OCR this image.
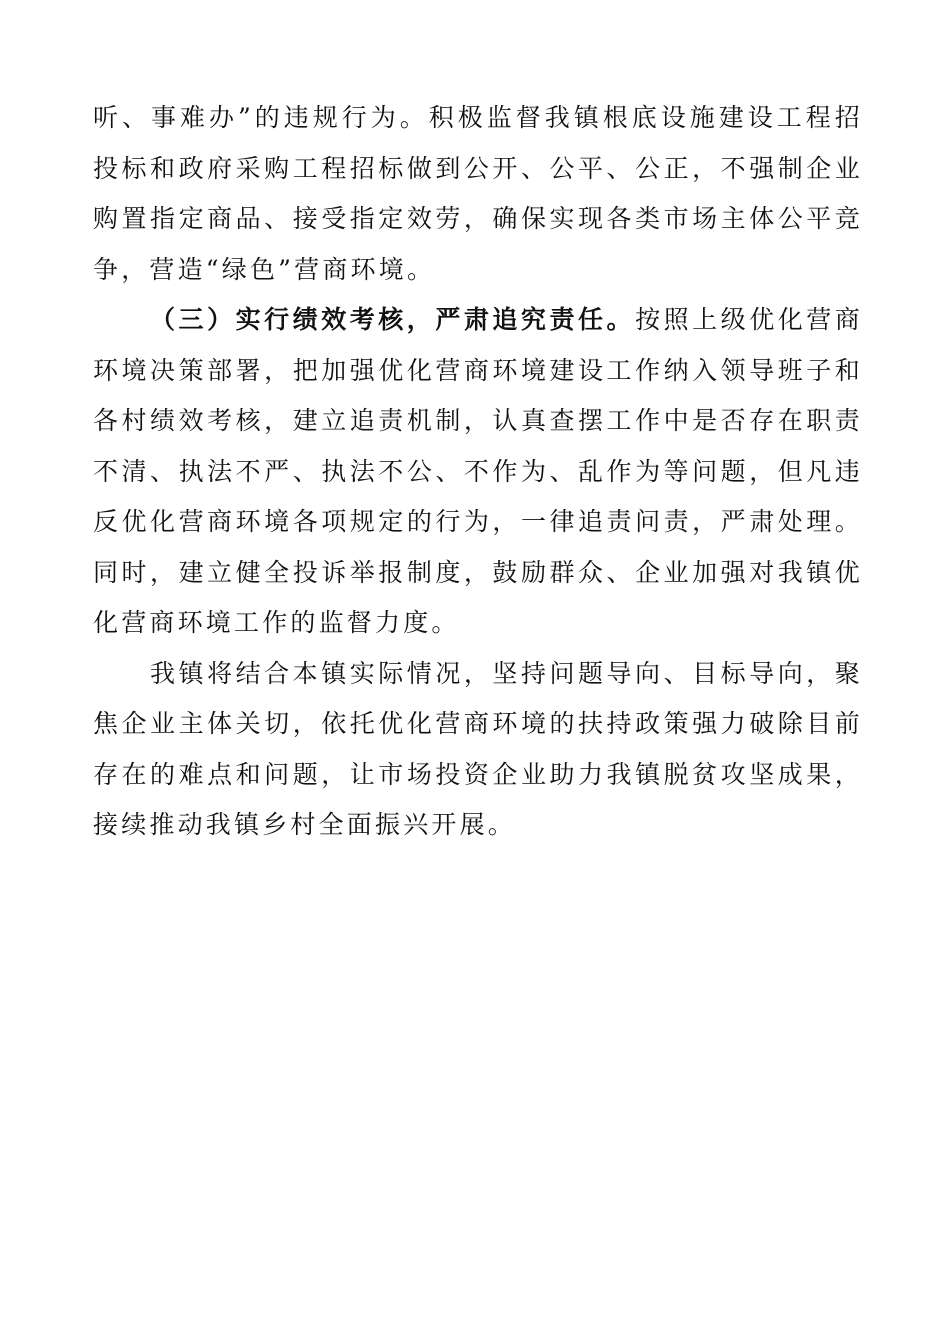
听、事难办”的违规行为。积极监督我镇根底设施建设工程招投标和政府采购工程招标做到公开、公平、公正，不强制企业购置指定商品、接受指定效劳，确保实现各类市场主体公平竞争，营造“绿色”营商环境。

（三）实行绩效考核，严肃追究责任。按照上级优化营商环境决策部署，把加强优化营商环境建设工作纳入领导班子和各村绩效考核，建立追责机制，认真查摆工作中是否存在职责不清、执法不严、执法不公、不作为、乱作为等问题，但凡违反优化营商环境各项规定的行为，一律追责问责，严肃处理。同时，建立健全投诉举报制度，鼓励群众、企业加强对我镇优化营商环境工作的监督力度。

我镇将结合本镇实际情况，坚持问题导向、目标导向，聚焦企业主体关切，依托优化营商环境的扶持政策强力破除目前存在的难点和问题，让市场投资企业助力我镇脱贫攻坚成果，接续推动我镇乡村全面振兴开展。
